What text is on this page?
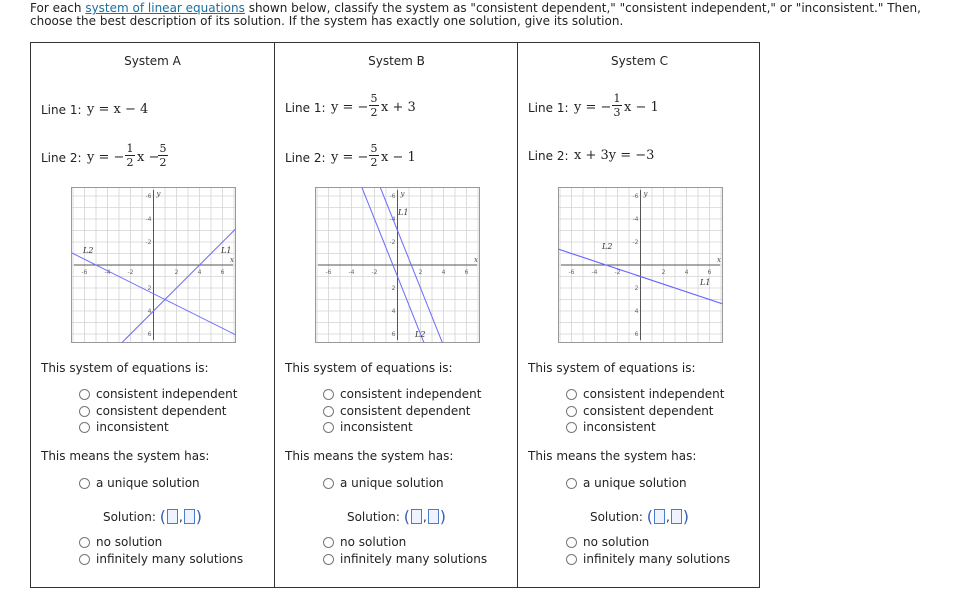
For each system of linear equations shown below, classify the system as "consistent dependent," "consistent independent," or "inconsistent." Then, choose the best description of its solution. If the system has exactly one solution, give its solution.
System A
Line 1: y = x − 4
Line 2: y = −
1
2 x −
5
2
-6
6
-4
4
-2
2
2
-2
4
-4
6
-6
x
y
L2	L1
This system of equations is:
consistent independent
consistent dependent
inconsistent
This means the system has:
a unique solution
Solution: ( , )
no solution
infinitely many solutions
System B
Line 1: y = −
5
2 x + 3
Line 2: y = −
5
2 x − 1
-6
6
-4
4
-2
2
2
-2
4
-4
6
-6
x
y
L1
L2
This system of equations is:
consistent independent
consistent dependent
inconsistent
This means the system has:
a unique solution
Solution: ( , )
no solution
infinitely many solutions
System C
Line 1: y = −
1
3 x − 1
Line 2: x + 3y = −3
-6
6
-4
4
-2
2
2
-2
4
-4
6
-6
x
y
L2
L1
This system of equations is:
consistent independent
consistent dependent
inconsistent
This means the system has:
a unique solution
Solution: ( , )
no solution
infinitely many solutions
